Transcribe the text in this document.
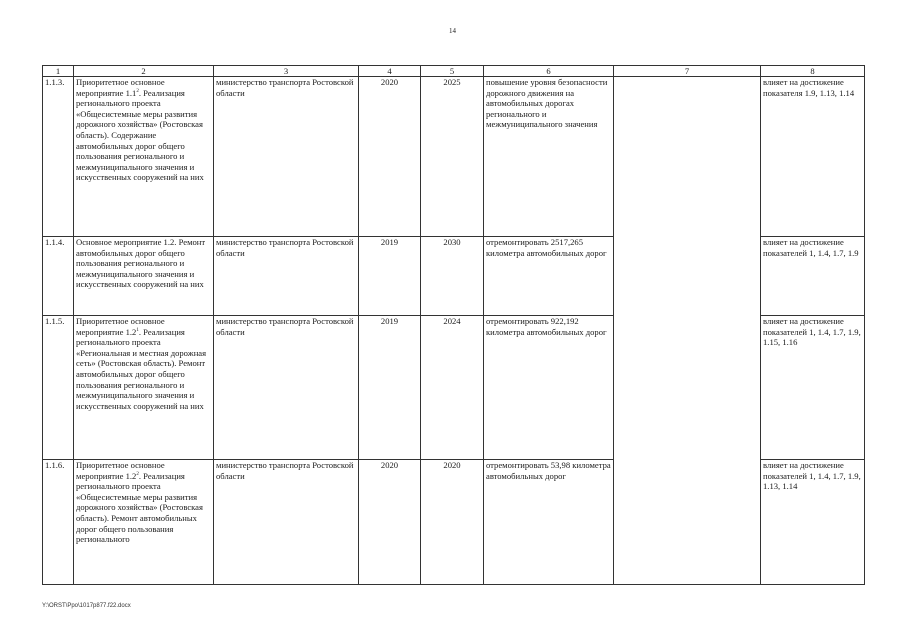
14
1	2	3	4	5	6	7	8
1.1.3.	Приоритетное основное мероприятие $1.1^2$. Реализация регионального проекта «Общесистемные меры развития дорожного хозяйства» (Ростовская область). Содержание автомобильных дорог общего пользования регионального и межмуниципального значения и искусственных сооружений на них	министерство транспорта Ростовской области	2020	2025	повышение уровня безопасности дорожного движения на автомобильных дорогах регионального и межмуниципального значения		влияет на достижение показателя 1.9, 1.13, 1.14
1.1.4.	Основное мероприятие 1.2. Ремонт автомобильных дорог общего пользования регионального и межмуниципального значения и искусственных сооружений на них	министерство транспорта Ростовской области	2019	2030	отремонтировать 2517,265 километра автомобильных дорог		влияет на достижение показателей 1, 1.4, 1.7, 1.9
1.1.5.	Приоритетное основное мероприятие $1.2^1$. Реализация регионального проекта «Региональная и местная дорожная сеть» (Ростовская область). Ремонт автомобильных дорог общего пользования регионального и межмуниципального значения и искусственных сооружений на них	министерство транспорта Ростовской области	2019	2024	отремонтировать 922,192 километра автомобильных дорог		влияет на достижение показателей 1, 1.4, 1.7, 1.9, 1.15, 1.16
1.1.6.	Приоритетное основное мероприятие $1.2^2$. Реализация регионального проекта «Общесистемные меры развития дорожного хозяйства» (Ростовская область). Ремонт автомобильных дорог общего пользования регионального	министерство транспорта Ростовской области	2020	2020	отремонтировать 53,98 километра автомобильных дорог		влияет на достижение показателей 1, 1.4, 1.7, 1.9, 1.13, 1.14
Y:\ORST\Ppo\1017p877.f22.docx
